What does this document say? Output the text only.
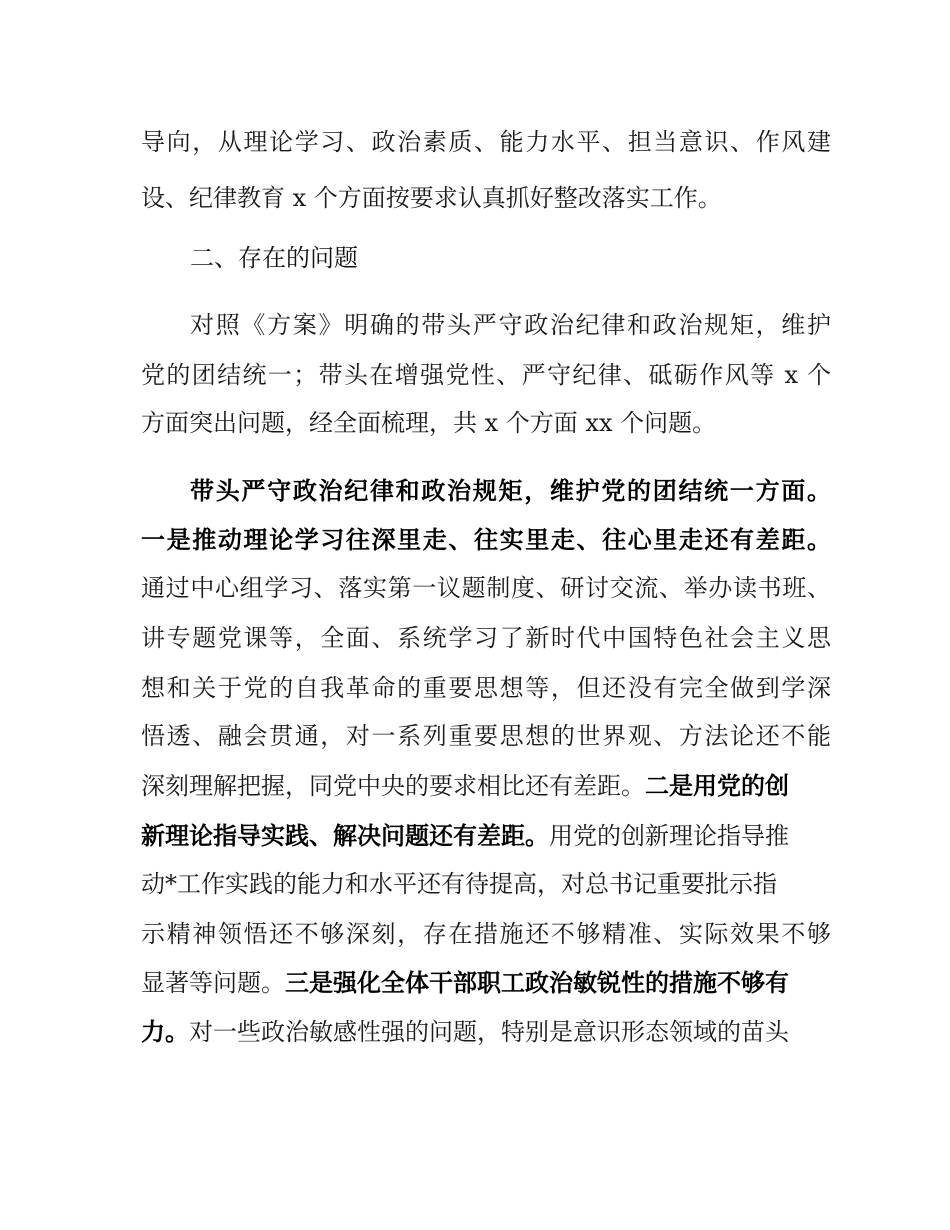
导向，从理论学习、政治素质、能力水平、担当意识、作风建
设、纪律教育 x 个方面按要求认真抓好整改落实工作。
二、存在的问题
对照《方案》明确的带头严守政治纪律和政治规矩，维护
党的团结统一；带头在增强党性、严守纪律、砥砺作风等 x 个
方面突出问题，经全面梳理，共 x 个方面 xx 个问题。
带头严守政治纪律和政治规矩，维护党的团结统一方面。
一是推动理论学习往深里走、往实里走、往心里走还有差距。
通过中心组学习、落实第一议题制度、研讨交流、举办读书班、
讲专题党课等，全面、系统学习了新时代中国特色社会主义思
想和关于党的自我革命的重要思想等，但还没有完全做到学深
悟透、融会贯通，对一系列重要思想的世界观、方法论还不能
深刻理解把握，同党中央的要求相比还有差距。二是用党的创
新理论指导实践、解决问题还有差距。用党的创新理论指导推
动*工作实践的能力和水平还有待提高，对总书记重要批示指
示精神领悟还不够深刻，存在措施还不够精准、实际效果不够
显著等问题。三是强化全体干部职工政治敏锐性的措施不够有
力。对一些政治敏感性强的问题，特别是意识形态领域的苗头
